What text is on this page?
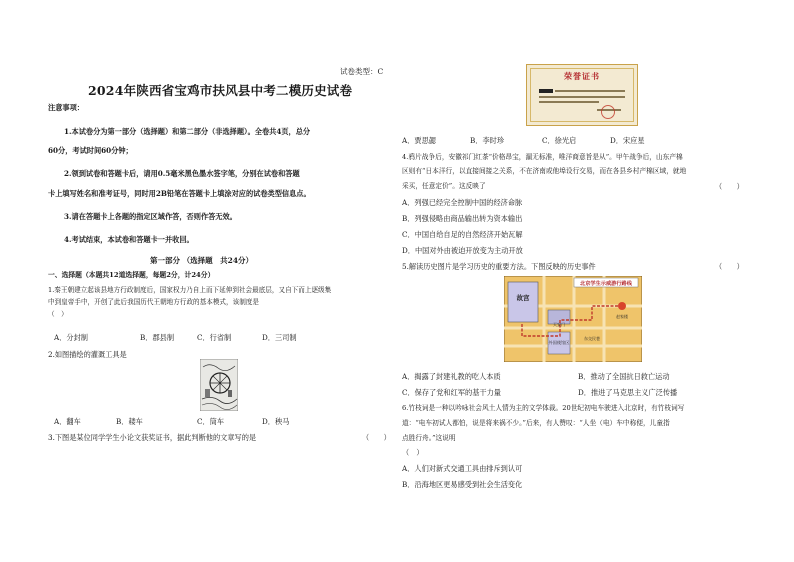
试卷类型：C
2024年陕西省宝鸡市扶风县中考二模历史试卷
注意事项：
1.本试卷分为第一部分（选择题）和第二部分（非选择题）。全卷共4页，总分
60分，考试时间60分钟；
2.领到试卷和答题卡后，请用0.5毫米黑色墨水签字笔，分别在试卷和答题
卡上填写姓名和准考证号，同时用2B铅笔在答题卡上填涂对应的试卷类型信息点。
3.请在答题卡上各题的指定区域作答，否则作答无效。
4.考试结束，本试卷和答题卡一并收回。
第一部分 （选择题　共24分）
一、选择题（本题共12道选择题，每题2分，计24分）
1.秦王朝建立起该县地方行政制度后，国家权力乃自上而下延伸到社会最底层，又自下而上逐级集
中到皇帝手中，开创了此后我国历代王朝地方行政的基本模式，该制度是
（　）
A．分封制	B．郡县制	C．行省制	D．三司制
2.如图描绘的灌溉工具是
A．翻车	B．耧车	C．筒车	D．秧马
3.下图是某位同学学生小论文获奖证书，据此判断他的文章写的是	（　　）
荣誉证书
A．贾思勰	B．李时珍	C．徐光启	D．宋应星
4.鸦片战争后，安徽祁门红茶“价格昂宝，漏无标准，唯洋商意旨是从”。甲午战争后，山东产棉
区则有“日本洋行，以直接间接之关系，不在济南或他埠设行交易，而在各县乡村产棉区域，就地
采买，任意定价”。这反映了	（　　）
A．列强已经完全控制中国的经济命脉
B．列强侵略由商品输出转为资本输出
C．中国自给自足的自然经济开始瓦解
D．中国对外由被迫开放变为主动开放
5.解读历史图片是学习历史的重要方法。下图反映的历史事件	（　　）
北京学生示威游行路线
故宫
天安门
外国使馆区
东交民巷
赵家楼
A．揭露了封建礼教的吃人本质	B．推动了全国抗日救亡运动
C．保存了党和红军的基干力量	D．推进了马克思主义广泛传播
6.竹枝词是一种以吟咏社会风土人情为主的文学体裁。20世纪初电车驶进入北京时，有竹枝词写
道：“电车初试人都怕，说是将来祸不少。”后来，有人赞叹：“人坐（电）车中称便，儿童指
点胜行舟。”这说明
（　）
A．人们对新式交通工具由排斥到认可
B．沿海地区更易感受到社会生活变化
